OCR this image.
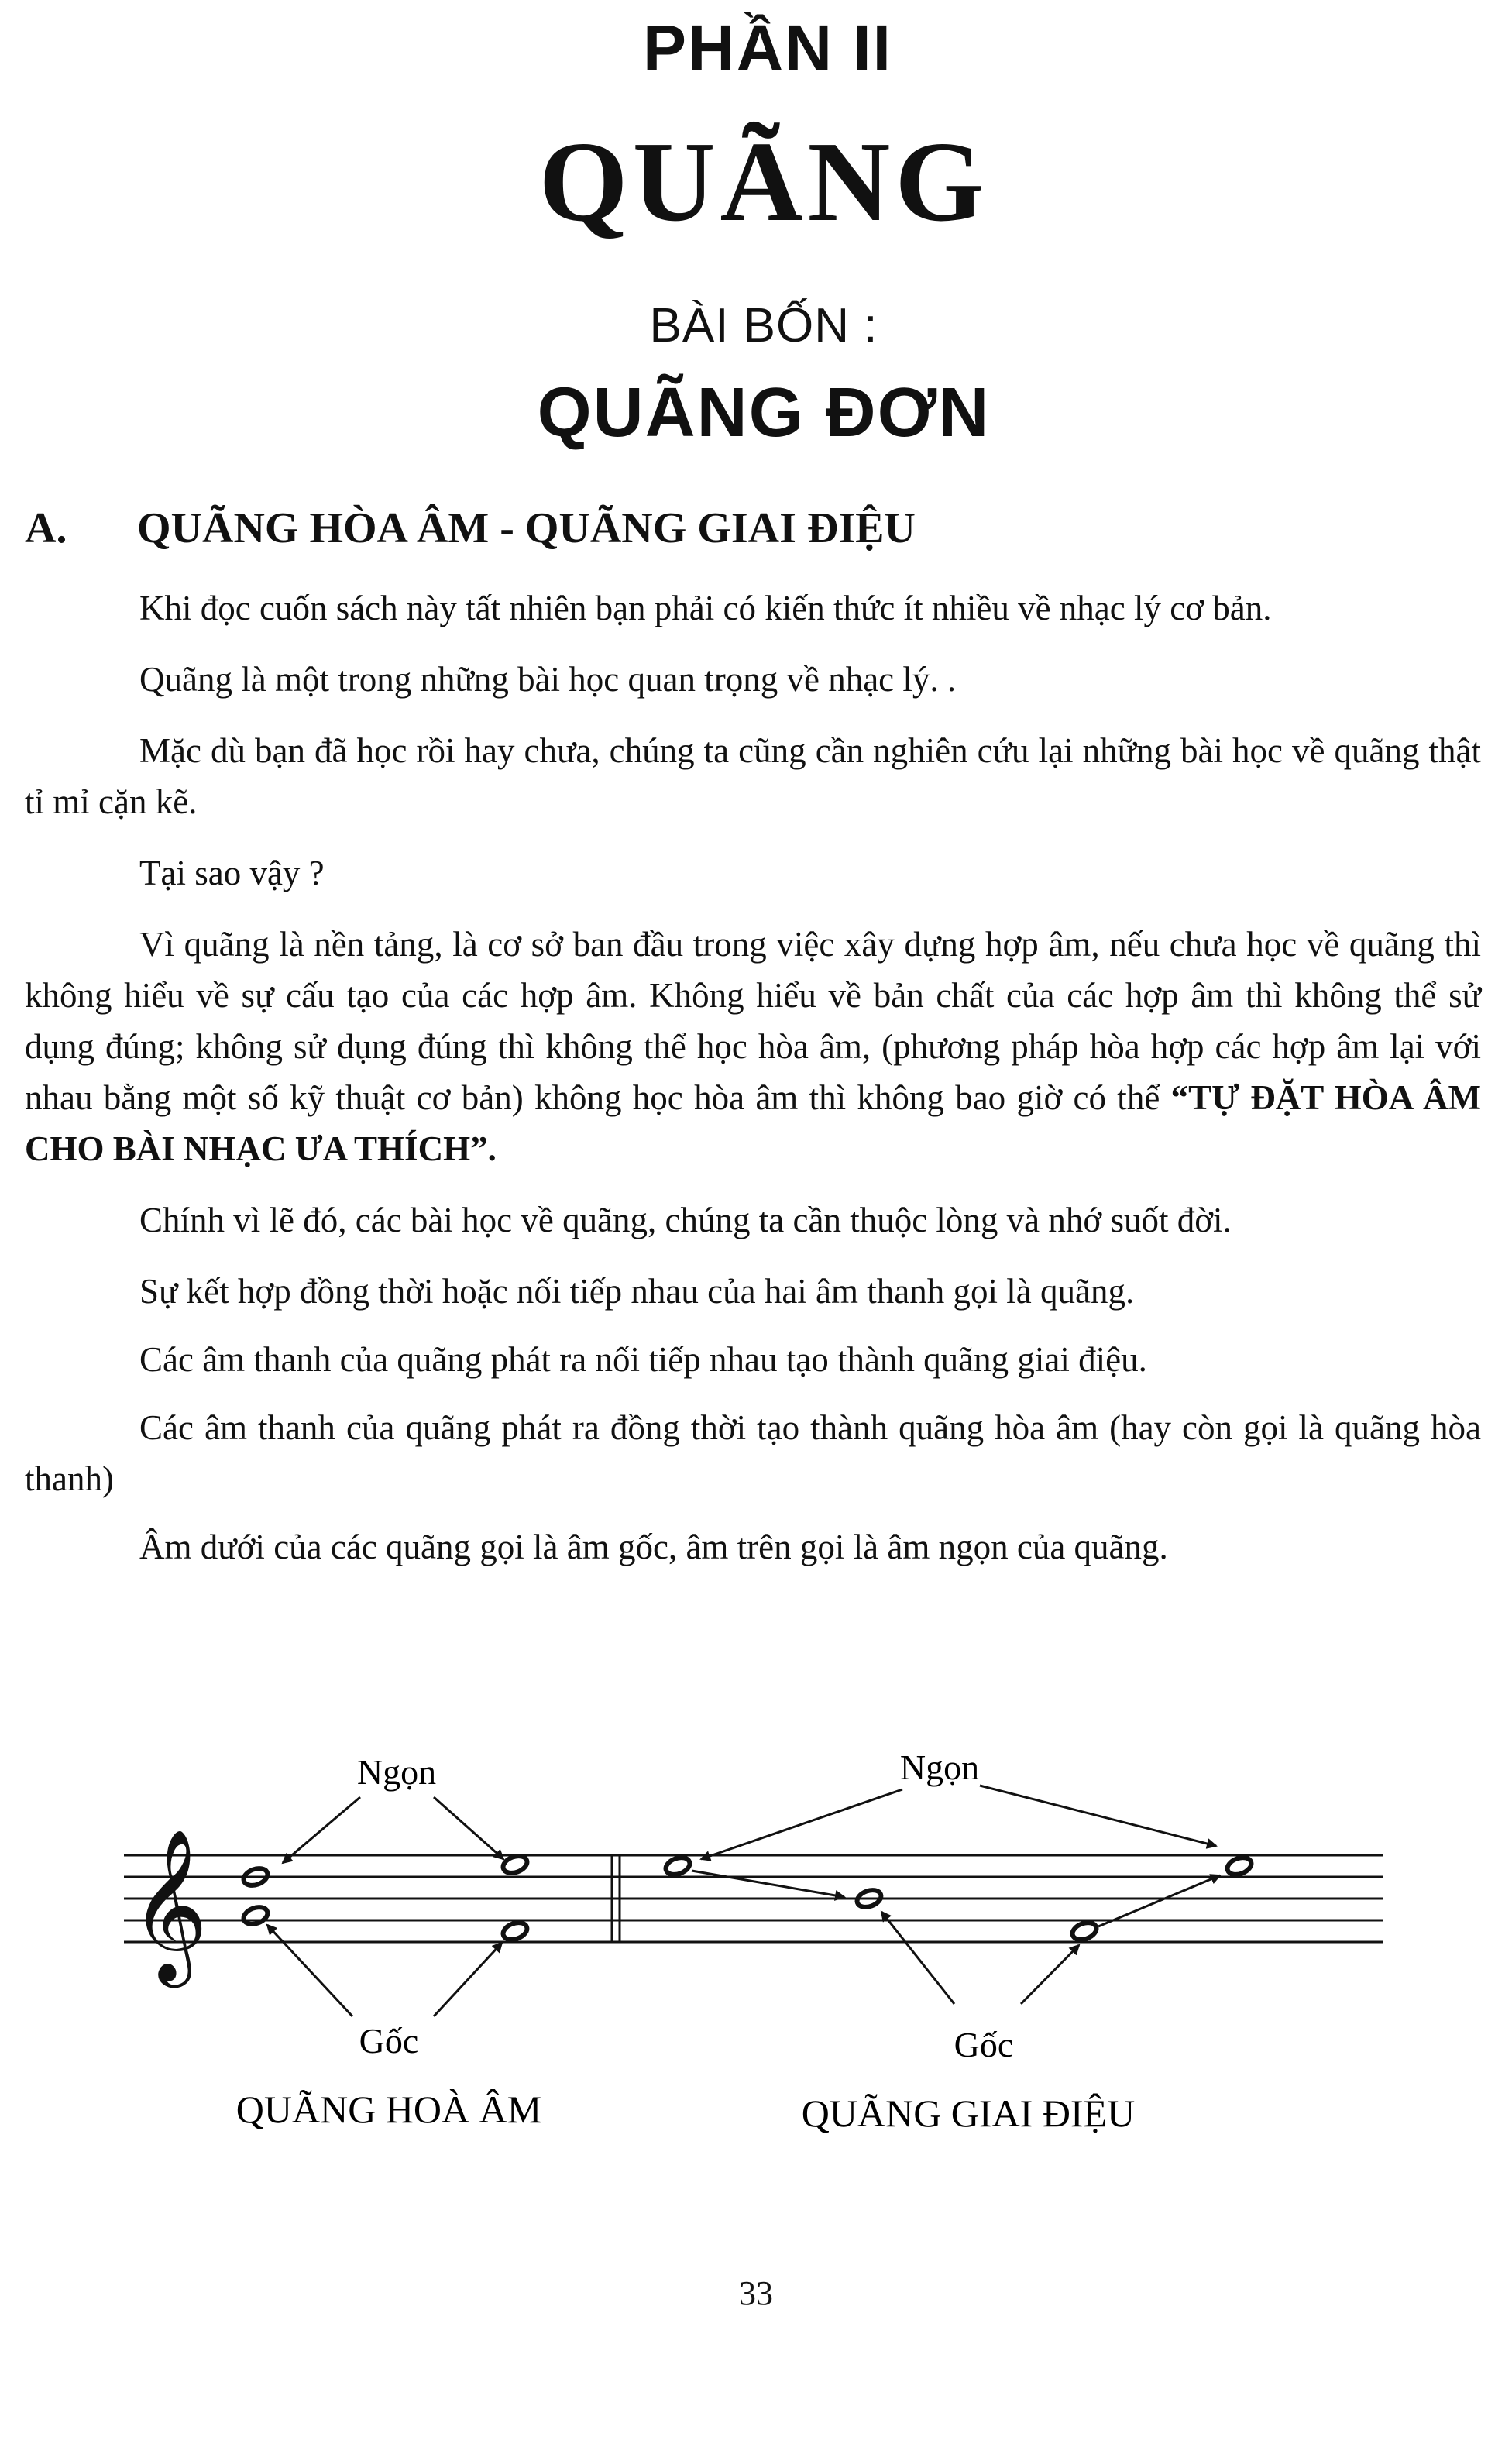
PHẦN II
QUÃNG
BÀI BỐN :
QUÃNG ĐƠN
A. QUÃNG HÒA ÂM - QUÃNG GIAI ĐIỆU

Khi đọc cuốn sách này tất nhiên bạn phải có kiến thức ít nhiều về nhạc lý cơ bản.

Quãng là một trong những bài học quan trọng về nhạc lý. .

Mặc dù bạn đã học rồi hay chưa, chúng ta cũng cần nghiên cứu lại những bài học về quãng thật tỉ mỉ cặn kẽ.

Tại sao vậy ?

Vì quãng là nền tảng, là cơ sở ban đầu trong việc xây dựng hợp âm, nếu chưa học về quãng thì không hiểu về sự cấu tạo của các hợp âm. Không hiểu về bản chất của các hợp âm thì không thể sử dụng đúng; không sử dụng đúng thì không thể học hòa âm, (phương pháp hòa hợp các hợp âm lại với nhau bằng một số kỹ thuật cơ bản) không học hòa âm thì không bao giờ có thể “TỰ ĐẶT HÒA ÂM CHO BÀI NHẠC ƯA THÍCH”.

Chính vì lẽ đó, các bài học về quãng, chúng ta cần thuộc lòng và nhớ suốt đời.

Sự kết hợp đồng thời hoặc nối tiếp nhau của hai âm thanh gọi là quãng.

Các âm thanh của quãng phát ra nối tiếp nhau tạo thành quãng giai điệu.

Các âm thanh của quãng phát ra đồng thời tạo thành quãng hòa âm (hay còn gọi là quãng hòa thanh)

Âm dưới của các quãng gọi là âm gốc, âm trên gọi là âm ngọn của quãng.

Ngọn	Ngọn
Gốc	Gốc
QUÃNG HOÀ ÂM	QUÃNG GIAI ĐIỆU
𝄞
33
